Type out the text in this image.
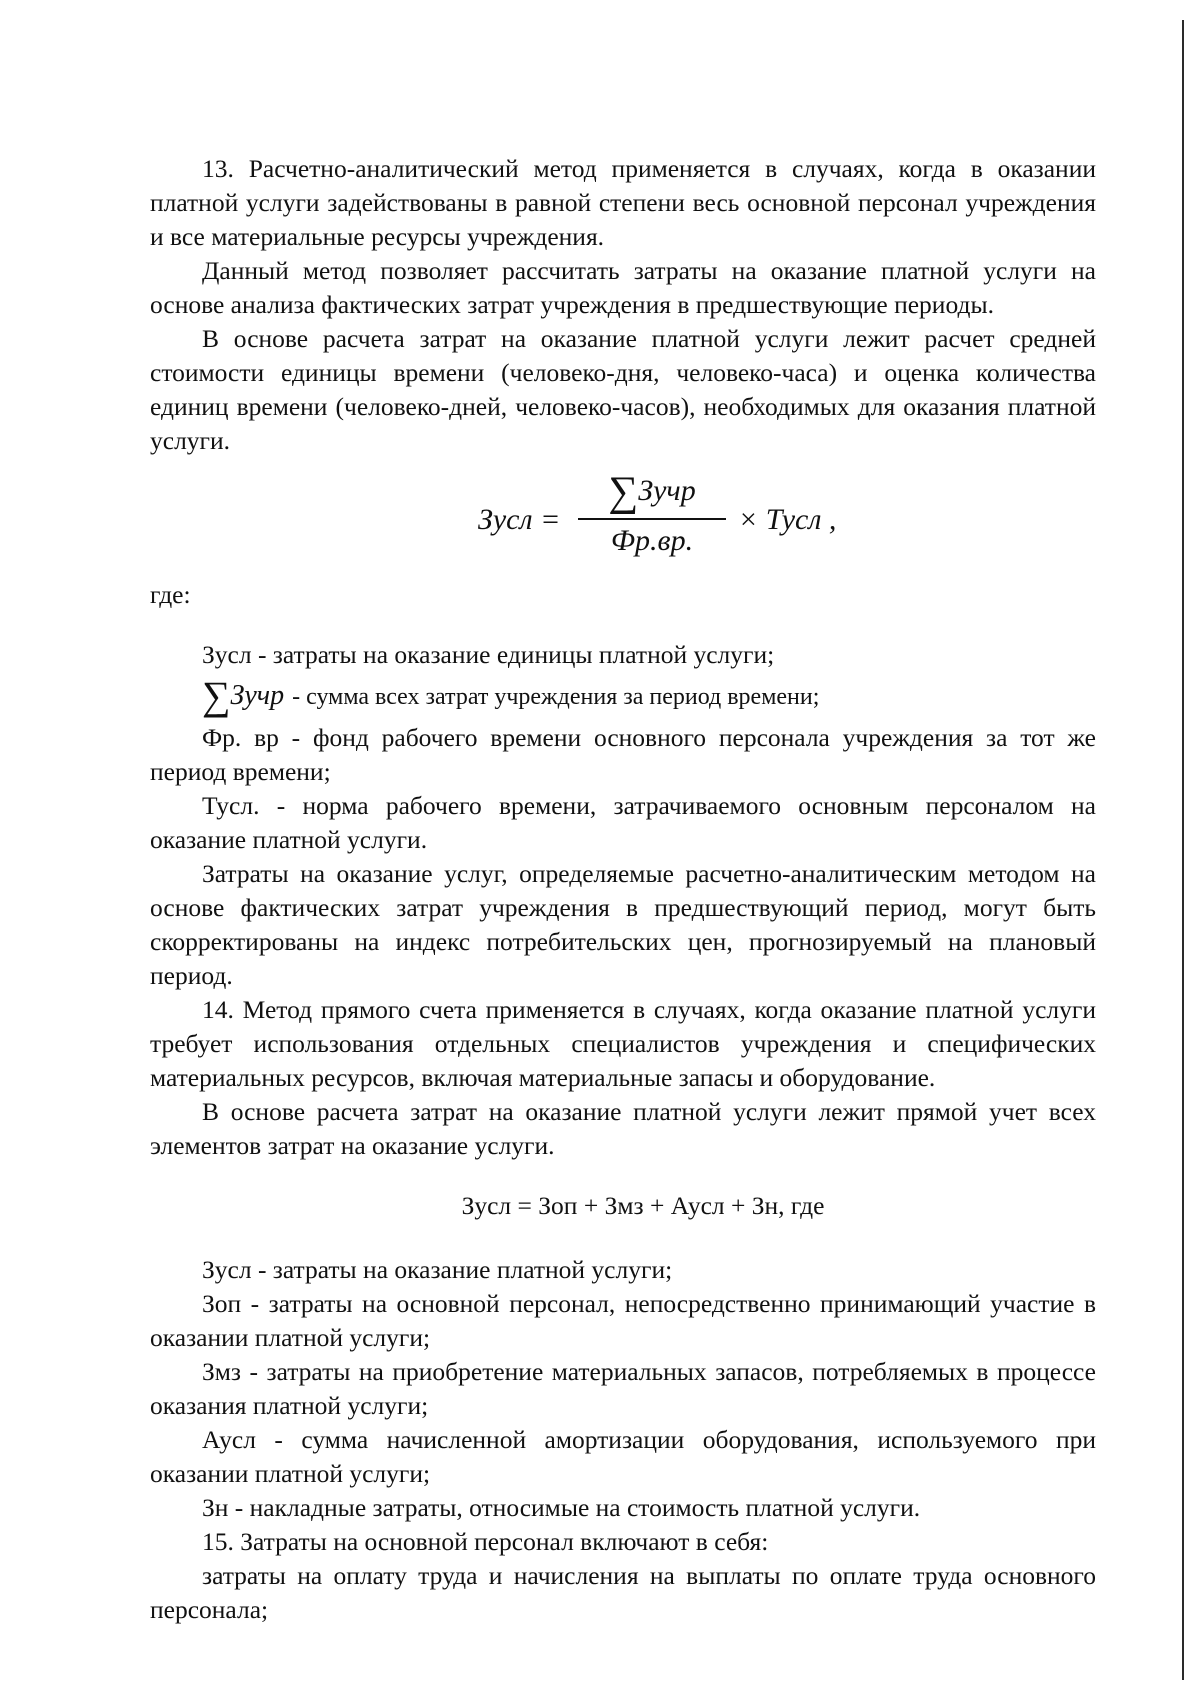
13. Расчетно-аналитический метод применяется в случаях, когда в оказании платной услуги задействованы в равной степени весь основной персонал учреждения и все материальные ресурсы учреждения.

Данный метод позволяет рассчитать затраты на оказание платной услуги на основе анализа фактических затрат учреждения в предшествующие периоды.

В основе расчета затрат на оказание платной услуги лежит расчет средней стоимости единицы времени (человеко-дня, человеко-часа) и оценка количества единиц времени (человеко-дней, человеко-часов), необходимых для оказания платной услуги.

Зусл =
∑Зучр
Фр.вр.
× Тусл ,

где:

Зусл - затраты на оказание единицы платной услуги;

∑Зучр - сумма всех затрат учреждения за период времени;

Фр. вр - фонд рабочего времени основного персонала учреждения за тот же период времени;

Тусл. - норма рабочего времени, затрачиваемого основным персоналом на оказание платной услуги.

Затраты на оказание услуг, определяемые расчетно-аналитическим методом на основе фактических затрат учреждения в предшествующий период, могут быть скорректированы на индекс потребительских цен, прогнозируемый на плановый период.

14. Метод прямого счета применяется в случаях, когда оказание платной услуги требует использования отдельных специалистов учреждения и специфических материальных ресурсов, включая материальные запасы и оборудование.

В основе расчета затрат на оказание платной услуги лежит прямой учет всех элементов затрат на оказание услуги.

Зусл = Зоп + Змз + Аусл + Зн, где

Зусл - затраты на оказание платной услуги;

Зоп - затраты на основной персонал, непосредственно принимающий участие в оказании платной услуги;

Змз - затраты на приобретение материальных запасов, потребляемых в процессе оказания платной услуги;

Аусл - сумма начисленной амортизации оборудования, используемого при оказании платной услуги;

Зн - накладные затраты, относимые на стоимость платной услуги.

15. Затраты на основной персонал включают в себя:

затраты на оплату труда и начисления на выплаты по оплате труда основного персонала;
